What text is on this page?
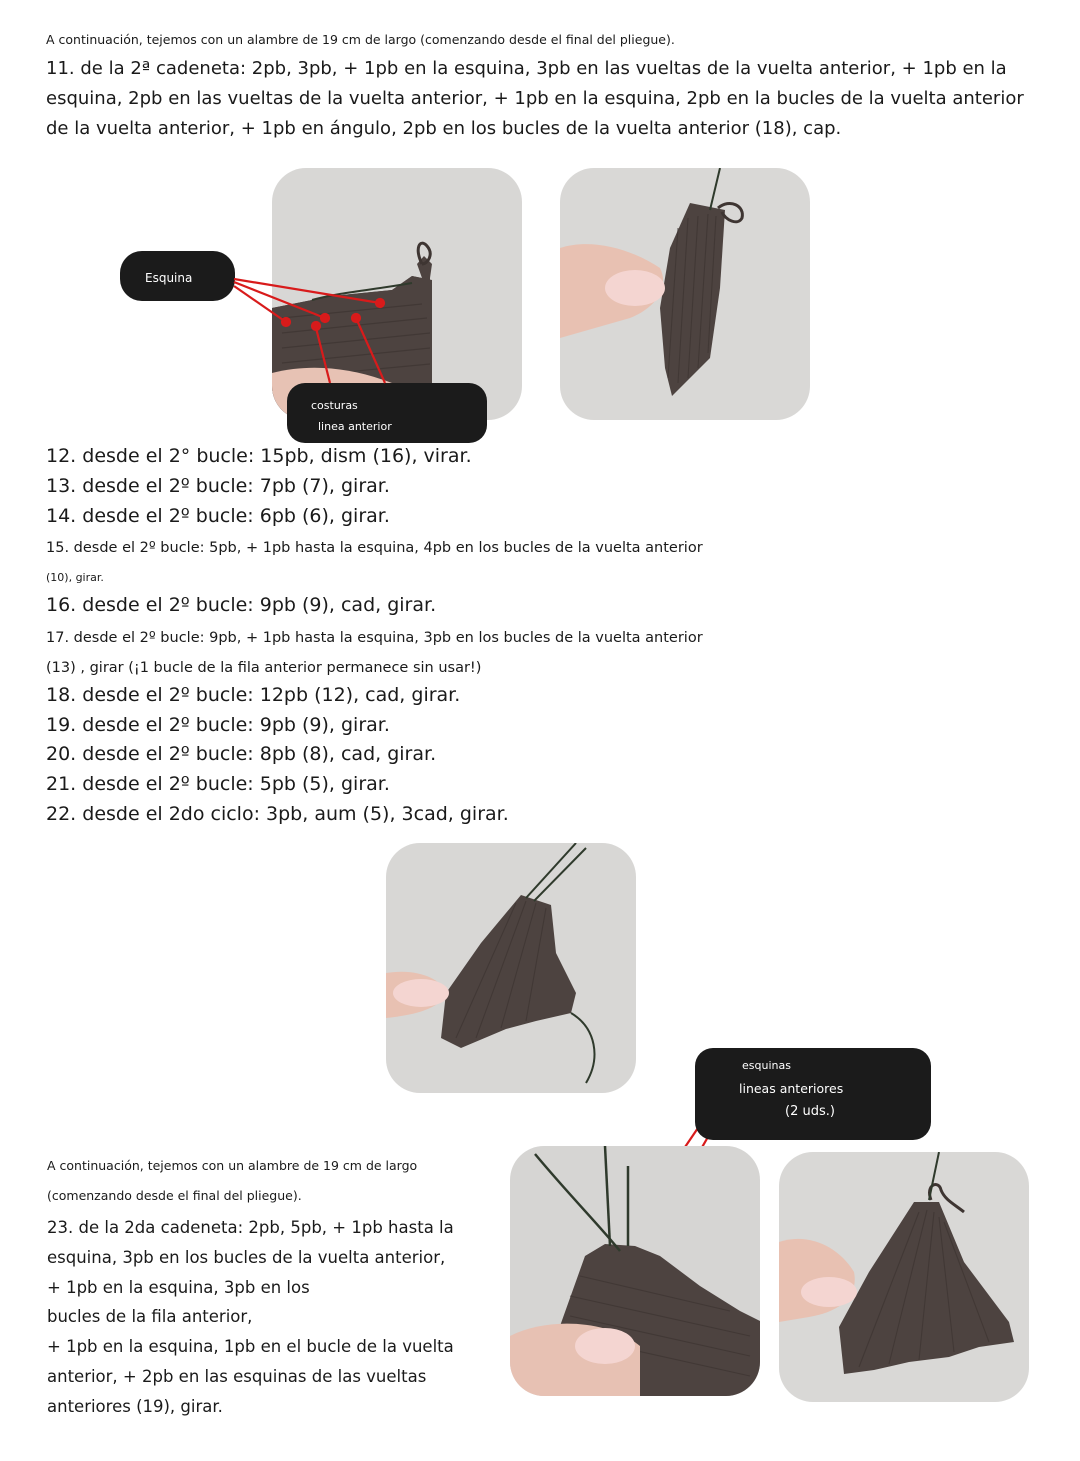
A continuación, tejemos con un alambre de 19 cm de largo (comenzando desde el final del pliegue).

11. de la 2ª cadeneta: 2pb, 3pb, + 1pb en la esquina, 3pb en las vueltas de la vuelta anterior, + 1pb en la esquina, 2pb en las vueltas de la vuelta anterior, + 1pb en la esquina, 2pb en la bucles de la vuelta anterior de la vuelta anterior, + 1pb en ángulo, 2pb en los bucles de la vuelta anterior (18), cap.

Esquina
costuras
linea anterior

12. desde el 2° bucle: 15pb, dism (16), virar.

13. desde el 2º bucle: 7pb (7), girar.

14. desde el 2º bucle: 6pb (6), girar.

15. desde el 2º bucle: 5pb, + 1pb hasta la esquina, 4pb en los bucles de la vuelta anterior

(10), girar.

16. desde el 2º bucle: 9pb (9), cad, girar.

17. desde el 2º bucle: 9pb, + 1pb hasta la esquina, 3pb en los bucles de la vuelta anterior

(13) , girar (¡1 bucle de la fila anterior permanece sin usar!)

18. desde el 2º bucle: 12pb (12), cad, girar.

19. desde el 2º bucle: 9pb (9), girar.

20. desde el 2º bucle: 8pb (8), cad, girar.

21. desde el 2º bucle: 5pb (5), girar.

22. desde el 2do ciclo: 3pb, aum (5), 3cad, girar.

esquinas
lineas anteriores
(2 uds.)

A continuación, tejemos con un alambre de 19 cm de largo

(comenzando desde el final del pliegue).

23. de la 2da cadeneta: 2pb, 5pb, + 1pb hasta la

esquina, 3pb en los bucles de la vuelta anterior,

+ 1pb en la esquina, 3pb en los

bucles de la fila anterior,

+ 1pb en la esquina, 1pb en el bucle de la vuelta

anterior, + 2pb en las esquinas de las vueltas

anteriores (19), girar.
